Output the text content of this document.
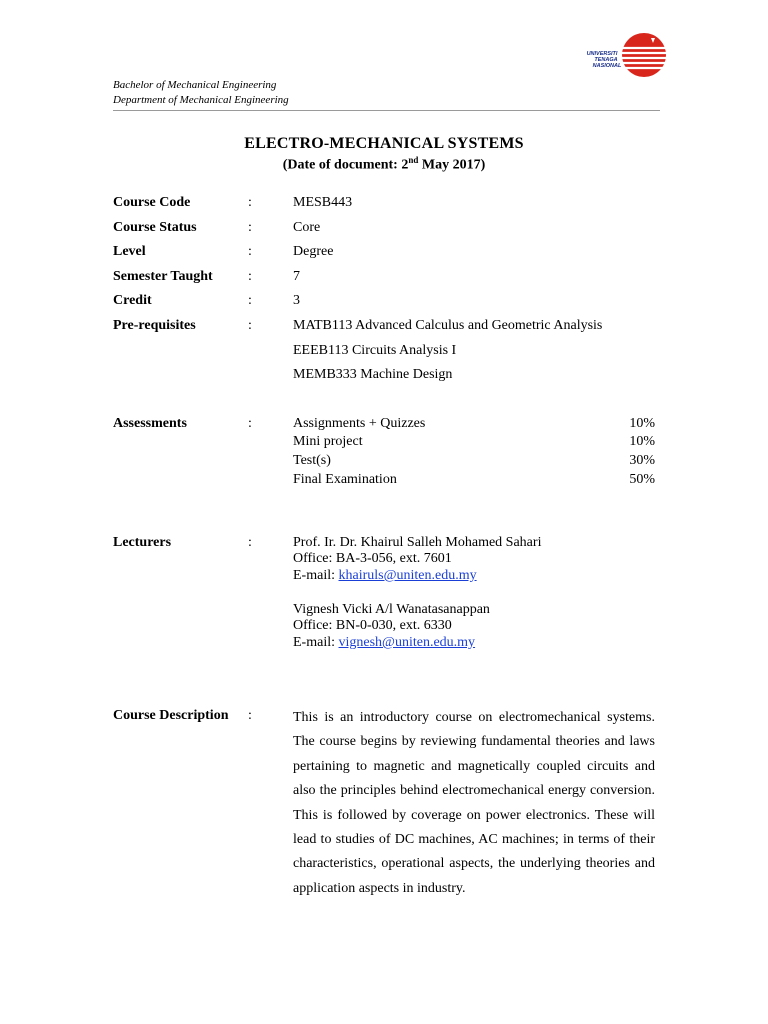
Bachelor of Mechanical Engineering
Department of Mechanical Engineering
UNIVERSITI
TENAGA
NASIONAL
ELECTRO-MECHANICAL SYSTEMS
(Date of document: 2nd May 2017)
Course Code	:	MESB443
Course Status	:	Core
Level	:	Degree
Semester Taught	:	7
Credit	:	3
Pre-requisites	:	MATB113 Advanced Calculus and Geometric Analysis
EEEB113 Circuits Analysis I
MEMB333 Machine Design
Assessments	:	Assignments + Quizzes	10%
Mini project	10%
Test(s)	30%
Final Examination	50%
Lecturers	:	Prof. Ir. Dr. Khairul Salleh Mohamed Sahari
Office: BA-3-056, ext. 7601
E-mail: khairuls@uniten.edu.my
Vignesh Vicki A/l Wanatasanappan
Office: BN-0-030, ext. 6330
E-mail: vignesh@uniten.edu.my
Course Description :	This is an introductory course on electromechanical systems. The course begins by reviewing fundamental theories and laws pertaining to magnetic and magnetically coupled circuits and also the principles behind electromechanical energy conversion. This is followed by coverage on power electronics. These will lead to studies of DC machines, AC machines; in terms of their characteristics, operational aspects, the underlying theories and application aspects in industry.
